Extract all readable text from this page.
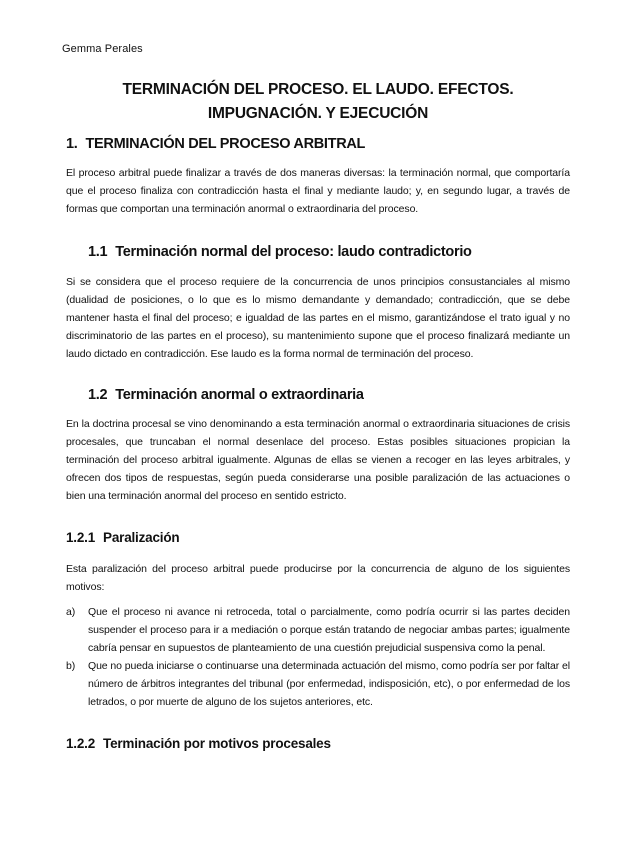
Gemma Perales
TERMINACIÓN DEL PROCESO. EL LAUDO. EFECTOS. IMPUGNACIÓN. Y EJECUCIÓN
1. TERMINACIÓN DEL PROCESO ARBITRAL
El proceso arbitral puede finalizar a través de dos maneras diversas: la terminación normal, que comportaría que el proceso finaliza con contradicción hasta el final y mediante laudo; y, en segundo lugar, a través de formas que comportan una terminación anormal o extraordinaria del proceso.
1.1 Terminación normal del proceso: laudo contradictorio
Si se considera que el proceso requiere de la concurrencia de unos principios consustanciales al mismo (dualidad de posiciones, o lo que es lo mismo demandante y demandado; contradicción, que se debe mantener hasta el final del proceso; e igualdad de las partes en el mismo, garantizándose el trato igual y no discriminatorio de las partes en el proceso), su mantenimiento supone que el proceso finalizará mediante un laudo dictado en contradicción. Ese laudo es la forma normal de terminación del proceso.
1.2 Terminación anormal o extraordinaria
En la doctrina procesal se vino denominando a esta terminación anormal o extraordinaria situaciones de crisis procesales, que truncaban el normal desenlace del proceso. Estas posibles situaciones propician la terminación del proceso arbitral igualmente. Algunas de ellas se vienen a recoger en las leyes arbitrales, y ofrecen dos tipos de respuestas, según pueda considerarse una posible paralización de las actuaciones o bien una terminación anormal del proceso en sentido estricto.
1.2.1 Paralización
Esta paralización del proceso arbitral puede producirse por la concurrencia de alguno de los siguientes motivos:
a) Que el proceso ni avance ni retroceda, total o parcialmente, como podría ocurrir si las partes deciden suspender el proceso para ir a mediación o porque están tratando de negociar ambas partes; igualmente cabría pensar en supuestos de planteamiento de una cuestión prejudicial suspensiva como la penal.
b) Que no pueda iniciarse o continuarse una determinada actuación del mismo, como podría ser por faltar el número de árbitros integrantes del tribunal (por enfermedad, indisposición, etc), o por enfermedad de los letrados, o por muerte de alguno de los sujetos anteriores, etc.
1.2.2 Terminación por motivos procesales
